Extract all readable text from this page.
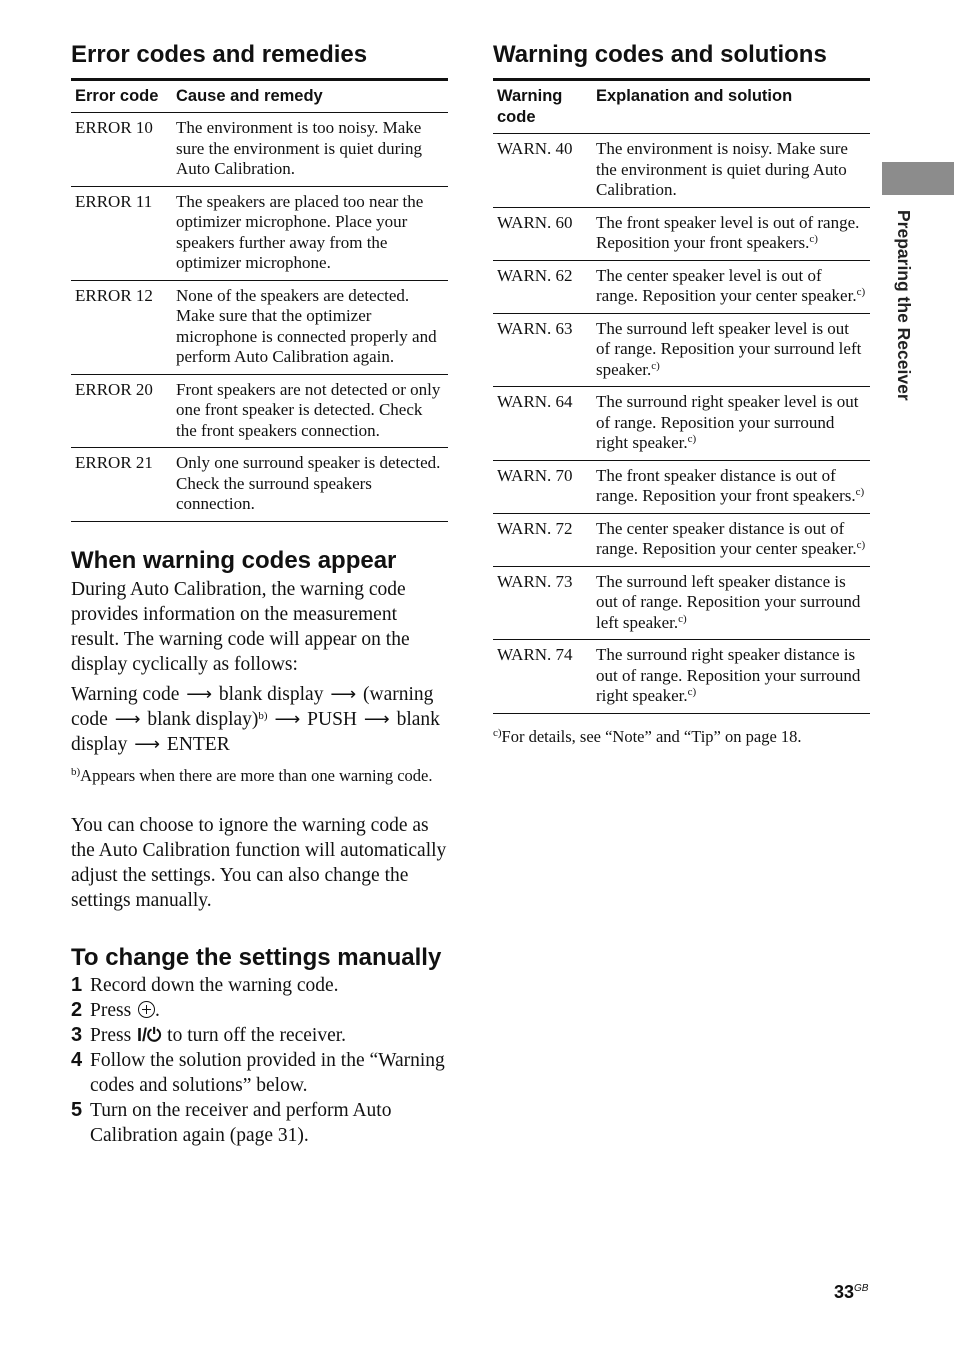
Error codes and remedies
Error code	Cause and remedy
ERROR 10	The environment is too noisy. Make sure the environment is quiet during Auto Calibration.
ERROR 11	The speakers are placed too near the optimizer microphone. Place your speakers further away from the optimizer microphone.
ERROR 12	None of the speakers are detected. Make sure that the optimizer microphone is connected properly and perform Auto Calibration again.
ERROR 20	Front speakers are not detected or only one front speaker is detected. Check the front speakers connection.
ERROR 21	Only one surround speaker is detected. Check the surround speakers connection.
When warning codes appear

During Auto Calibration, the warning code provides information on the measurement result. The warning code will appear on the display cyclically as follows:

Warning code ⟶ blank display ⟶ (warning code ⟶ blank display)$^{b)}$ ⟶ PUSH ⟶ blank display ⟶ ENTER

$^{b)}$Appears when there are more than one warning code.

You can choose to ignore the warning code as the Auto Calibration function will automatically adjust the settings. You can also change the settings manually.

To change the settings manually
1 Record down the warning code.
2 Press .
3 Press I/⏻ to turn off the receiver.
4 Follow the solution provided in the “Warning codes and solutions” below.
5 Turn on the receiver and perform Auto Calibration again (page 31).
Warning codes and solutions
Warning code	Explanation and solution
WARN. 40	The environment is noisy. Make sure the environment is quiet during Auto Calibration.
WARN. 60	The front speaker level is out of range. Reposition your front speakers.$^{c)}$
WARN. 62	The center speaker level is out of range. Reposition your center speaker.$^{c)}$
WARN. 63	The surround left speaker level is out of range. Reposition your surround left speaker.$^{c)}$
WARN. 64	The surround right speaker level is out of range. Reposition your surround right speaker.$^{c)}$
WARN. 70	The front speaker distance is out of range. Reposition your front speakers.$^{c)}$
WARN. 72	The center speaker distance is out of range. Reposition your center speaker.$^{c)}$
WARN. 73	The surround left speaker distance is out of range. Reposition your surround left speaker.$^{c)}$
WARN. 74	The surround right speaker distance is out of range. Reposition your surround right speaker.$^{c)}$

$^{c)}$For details, see “Note” and “Tip” on page 18.

Preparing the Receiver
$33^{GB}$
